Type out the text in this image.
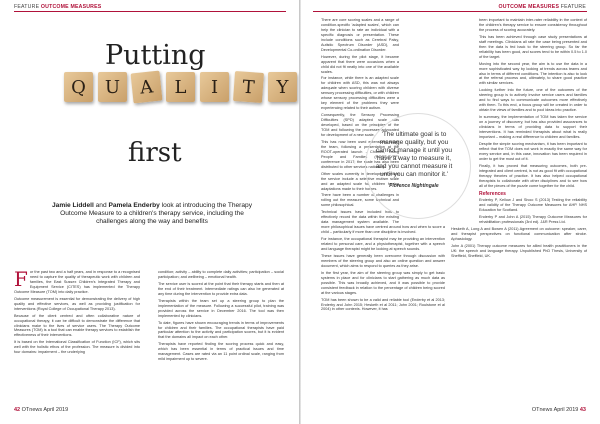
FEATURE OUTCOME MEASURES
Putting
Q	U	A	L	I	T	Y
first
Jamie Liddell and Pamela Enderby look at introducing the Therapy Outcome Measure to a children's therapy service, including the challenges along the way and benefits

For the past two and a half years, and in response to a recognised need to capture the quality of therapeutic work with children and families, the East Sussex Children's Integrated Therapy and Equipment Service (CITES) has implemented the Therapy Outcome Measure (TOM) into daily practice.

Outcome measurement is essential for demonstrating the delivery of high quality and effective services, as well as providing justification for interventions (Royal College of Occupational Therapy 2013).

Because of the client centred and often collaborative nature of occupational therapy, it can be difficult to demonstrate the difference that clinicians make to the lives of service users. The Therapy Outcome Measures (TOM) is a tool that can enable therapy services to establish the effectiveness of their interventions.

It is based on the International Classification of Function (ICF), which sits well with the holistic ethos of the profession. The measure is divided into four domains: impairment – the underlying

condition; activity – ability to complete daily activities; participation – social participation; and wellbeing – emotional health.

The service user is scored at the point that their therapy starts and then at the end of their treatment. Intermediate ratings can also be generated at any time during the intervention to provide extra data.

Therapists within the team set up a steering group to plan the implementation of the measure. Following a successful pilot, training was provided across the service in December 2016. The tool was then implemented by clinicians.

To date, figures have shown encouraging trends in terms of improvements for children and their families. The occupational therapists have paid particular attention to the activity and participation scores, but it is evident that the domains all impact on each other.

Therapists have reported finding the scoring process quick and easy, which has been essential in terms of practical issues and time management. Cases are rated via an 11 point ordinal scale, ranging from mild impairment up to severe.

42 OTnews April 2019
OUTCOME MEASURES FEATURE

There are core scoring scales and a range of condition-specific 'adapted scales', which can help the clinician to rate an individual with a specific diagnosis or presentation. These include conditions such as Cerebral Palsy, Autistic Spectrum Disorder (ASD), and Developmental Co-ordination Disorder.

However, during the pilot stage, it became apparent that there were occasions when a child did not fit neatly into one of the available scales.

For instance, while there is an adapted scale for children with ASD, this was not always adequate when scoring children with diverse sensory processing difficulties, or with children whose sensory processing difficulties were a key element of the problems they were experiencing related to their autism.

Consequently, the Sensory Processing Difficulties (SPD) adapted scale was developed, based on the principles of the TOM and following the processes advocated for development of a new scale.

This has now been used extensively within the team, following a presentation at the ROOT-operated launch - Children, Young People and Families (ROOT-CYPF) conference in 2017; the scale has also been distributed to other services nationally.

Other scales currently in development within the service include a selective mutism scale and an adapted scale for children having adaptations made to their homes.

There have been a number of challenges in rolling out the measure, some technical and some philosophical.

Technical issues have included how to effectively record the data within the existing data management system available. The more philosophical issues have centred around how and when to score a child – particularly if more than one discipline is involved.

For instance, the occupational therapist may be providing an intervention related to personal care, and a physiotherapist, together with a speech and language therapist might be looking at speech sounds.

These issues have generally been overcome through discussion with members of the steering group and also an online question and answer document, which aims to respond to queries as they arise.

In the first year, the aim of the steering group was simply to get basic systems in place and for clinicians to start gathering as much data as possible. This was broadly achieved, and it was possible to provide consistent feedback in relation to the percentage of children being scored at the various stages.

TOM has been shown to be a valid and reliable tool (Enderby et al 2013; Enderby and John 2015; Hesketh et al 2011; John 2001; Roulstone et al 2004) in other contexts. However, it has

'The ultimate goal is to manage quality, but you cannot manage it until you have a way to measure it, and you cannot measure it until you can monitor it.'
Florence Nightingale

been important to maintain inter-rater reliability in the context of the children's therapy service to ensure consistency throughout the process of scoring accurately.

This has been achieved through case study presentations at staff meetings. Clinicians all rate the case being presented and then the data is fed back to the steering group. So far the reliability has been good, and scores tend to be within 0.5 to 1.0 of the target.

Moving into the second year, the aim is to use the data in a more sophisticated way by looking at trends across teams and also in terms of different conditions. The intention is also to look at the referral process and, ultimately, to share good practice with similar services.

Looking further into the future, one of the outcomes of the steering group is to actively involve service users and families and to find ways to communicate outcomes more effectively with them. To this end, a focus group will be created in order to obtain the views of families and to pool ideas into practice.

In summary, the implementation of TOM has taken the service on a journey of discovery, but has also provided assurances to clinicians in terms of providing data to support their interventions. It has reminded therapists about what is really important – making a real difference to children and families.

Despite the simple scoring mechanism, it has been important to reflect that the TOM does not work in exactly the same way for every service and, in this case, innovation has been required in order to get the most out of it.

Finally, it has proved that measuring outcomes, both pre-integrated and client centred, is not as good fit with occupational therapy theories of practice. It has also helped occupational therapists to collaborate with other disciplines and to see how all of the pieces of the puzzle come together for the child.

References

Enderby P, Kellow J and Sivoo S (2013) Testing the reliability and validity of the Therapy Outcome Measures for AHP. NHS Education for Scotland.

Enderby P and John A (2015) Therapy Outcome Measures for rehabilitation professionals (3rd ed). J&R Press Ltd.

Hesketh A, Long A and Bowen A (2011) Agreement on outcome: speaker, carer, and therapist perspectives on functional communication after stroke. Aphasiology.

John A (2001) Therapy outcome measures for allied health practitioners in the UK: the speech and language therapy. Unpublished PhD Thesis, University of Sheffield, Sheffield, UK.

OTnews April 2019 43
